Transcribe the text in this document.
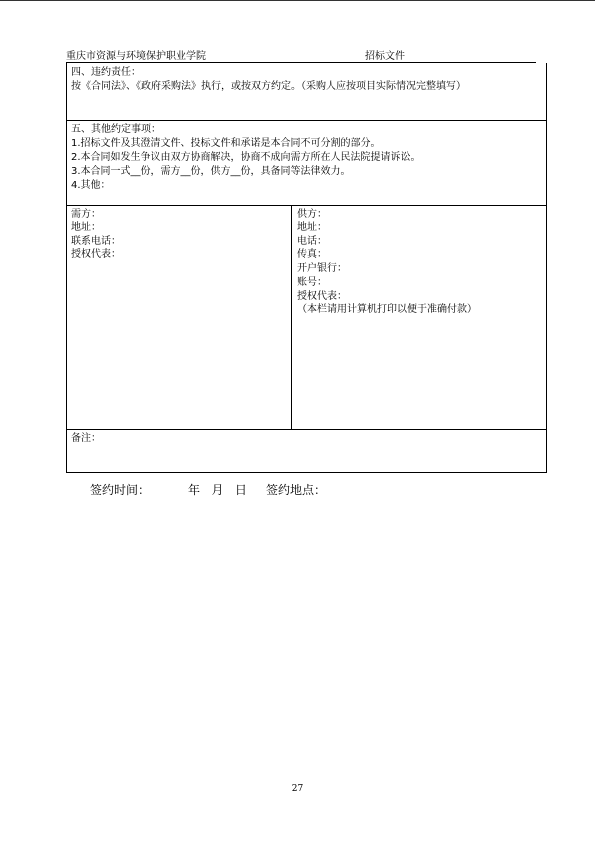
重庆市资源与环境保护职业学院	招标文件
四、违约责任：
按《合同法》、《政府采购法》执行，或按双方约定。（采购人应按项目实际情况完整填写）
五、其他约定事项：
1.招标文件及其澄清文件、投标文件和承诺是本合同不可分割的部分。
2.本合同如发生争议由双方协商解决，协商不成向需方所在人民法院提请诉讼。
3.本合同一式__份，需方__份，供方__份，具备同等法律效力。
4.其他：
需方：
地址：
联系电话：
授权代表：
供方：
地址：
电话：
传真：
开户银行：
账号：
授权代表：
（本栏请用计算机打印以便于准确付款）
备注：
签约时间：	年   月   日 签约地点：
27
